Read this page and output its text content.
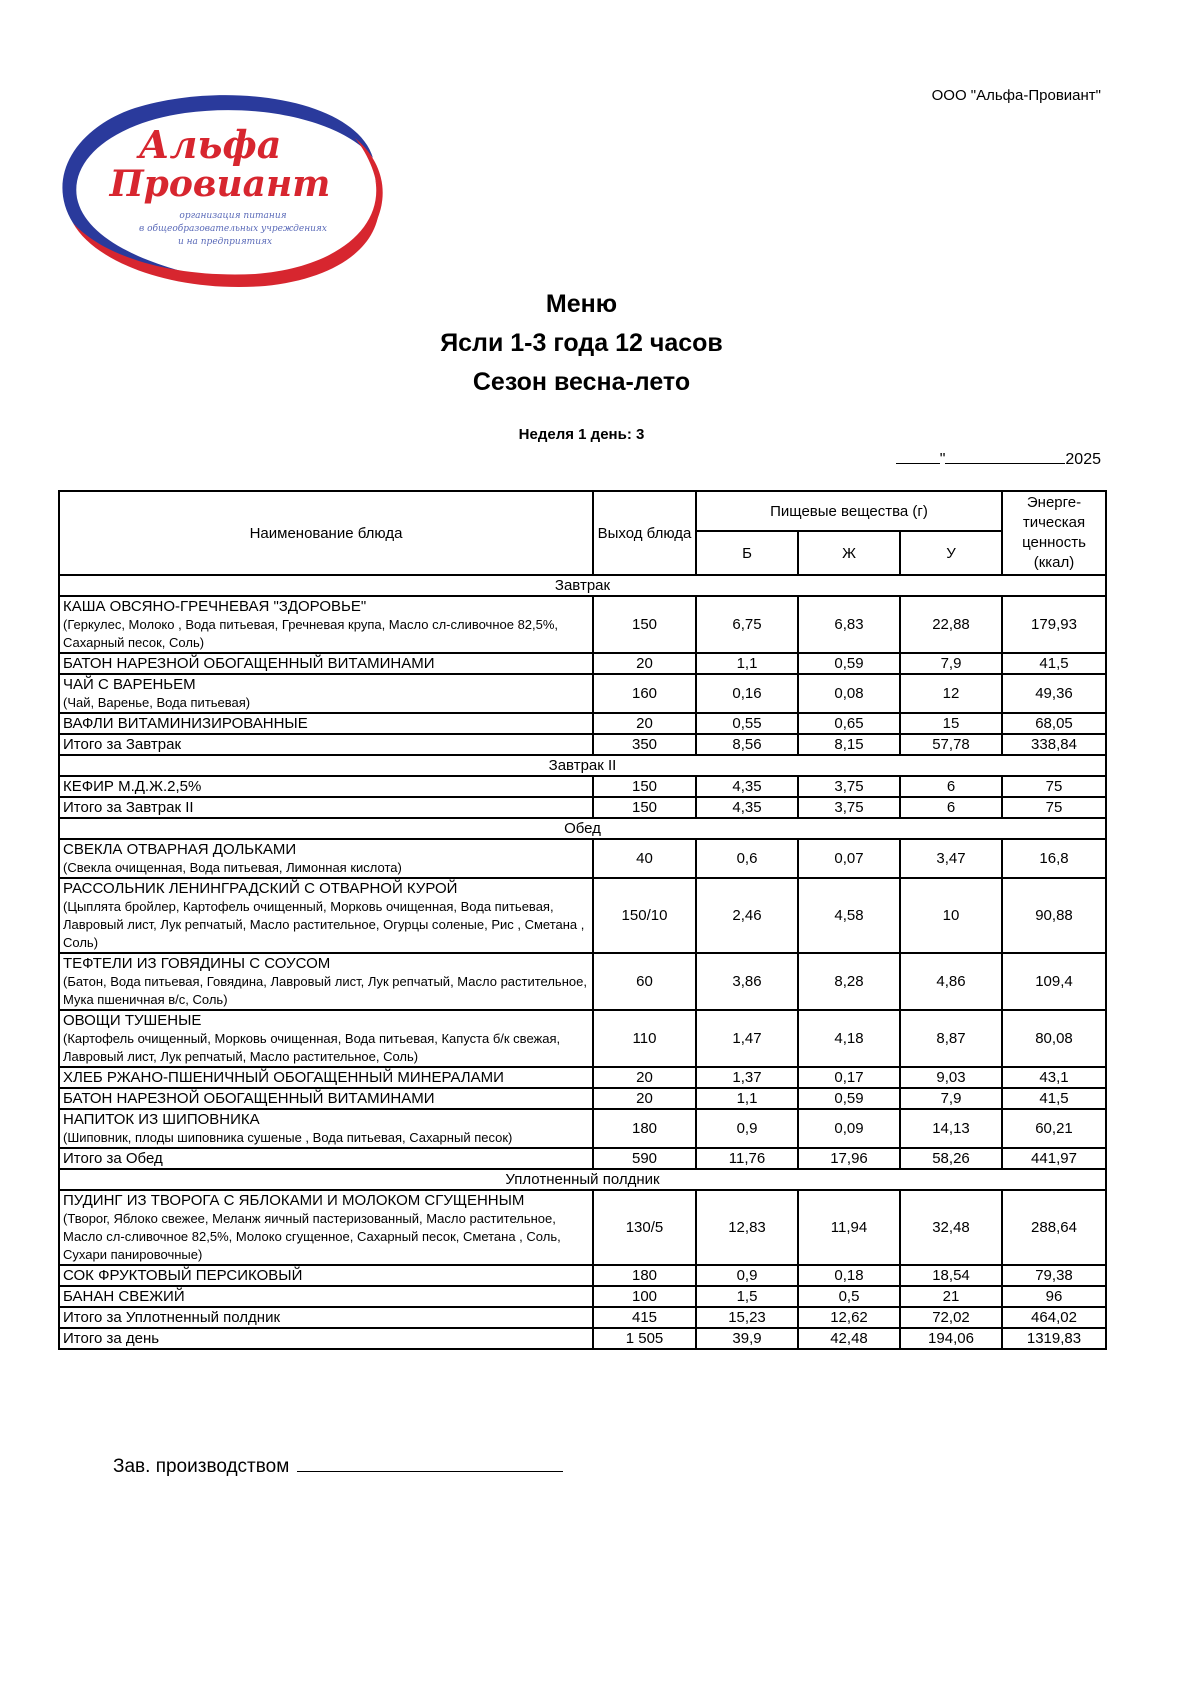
ООО "Альфа-Провиант"
Альфа
Провиант
организация питания
в общеобразовательных учреждениях
и на предприятиях
Меню
Ясли 1-3 года 12 часов
Сезон весна-лето
Неделя 1 день: 3
"	2025
Наименование блюда	Выход блюда	Пищевые вещества (г)			Энерге-тическая ценность (ккал)
		Б	Ж	У	
Завтрак					

КАША ОВСЯНО-ГРЕЧНЕВАЯ "ЗДОРОВЬЕ"
(Геркулес, Молоко , Вода питьевая, Гречневая крупа, Масло сл-сливочное 82,5%, Сахарный песок, Соль)	150	6,75	6,83	22,88	179,93

БАТОН НАРЕЗНОЙ ОБОГАЩЕННЫЙ ВИТАМИНАМИ	20	1,1	0,59	7,9	41,5

ЧАЙ С ВАРЕНЬЕМ
(Чай, Варенье, Вода питьевая)	160	0,16	0,08	12	49,36

ВАФЛИ ВИТАМИНИЗИРОВАННЫЕ	20	0,55	0,65	15	68,05
Итого за Завтрак	350	8,56	8,15	57,78	338,84
Завтрак II					

КЕФИР М.Д.Ж.2,5%	150	4,35	3,75	6	75
Итого за Завтрак II	150	4,35	3,75	6	75
Обед					

СВЕКЛА ОТВАРНАЯ ДОЛЬКАМИ
(Свекла очищенная, Вода питьевая, Лимонная кислота)	40	0,6	0,07	3,47	16,8

РАССОЛЬНИК ЛЕНИНГРАДСКИЙ С ОТВАРНОЙ КУРОЙ
(Цыплята бройлер, Картофель очищенный, Морковь очищенная, Вода питьевая, Лавровый лист, Лук репчатый, Масло растительное, Огурцы соленые, Рис , Сметана , Соль)	150/10	2,46	4,58	10	90,88

ТЕФТЕЛИ ИЗ ГОВЯДИНЫ С СОУСОМ
(Батон, Вода питьевая, Говядина, Лавровый лист, Лук репчатый, Масло растительное, Мука пшеничная в/с, Соль)	60	3,86	8,28	4,86	109,4

ОВОЩИ ТУШЕНЫЕ
(Картофель очищенный, Морковь очищенная, Вода питьевая, Капуста б/к свежая, Лавровый лист, Лук репчатый, Масло растительное, Соль)	110	1,47	4,18	8,87	80,08

ХЛЕБ РЖАНО-ПШЕНИЧНЫЙ ОБОГАЩЕННЫЙ МИНЕРАЛАМИ	20	1,37	0,17	9,03	43,1

БАТОН НАРЕЗНОЙ ОБОГАЩЕННЫЙ ВИТАМИНАМИ	20	1,1	0,59	7,9	41,5

НАПИТОК ИЗ ШИПОВНИКА
(Шиповник, плоды шиповника сушеные , Вода питьевая, Сахарный песок)	180	0,9	0,09	14,13	60,21
Итого за Обед	590	11,76	17,96	58,26	441,97
Уплотненный полдник					

ПУДИНГ ИЗ ТВОРОГА С ЯБЛОКАМИ И МОЛОКОМ СГУЩЕННЫМ
(Творог, Яблоко свежее, Меланж яичный пастеризованный, Масло растительное, Масло сл-сливочное 82,5%, Молоко сгущенное, Сахарный песок, Сметана , Соль, Сухари панировочные)	130/5	12,83	11,94	32,48	288,64

СОК ФРУКТОВЫЙ ПЕРСИКОВЫЙ	180	0,9	0,18	18,54	79,38

БАНАН СВЕЖИЙ	100	1,5	0,5	21	96
Итого за Уплотненный полдник	415	15,23	12,62	72,02	464,02
Итого за день	1 505	39,9	42,48	194,06	1319,83
Зав. производством
